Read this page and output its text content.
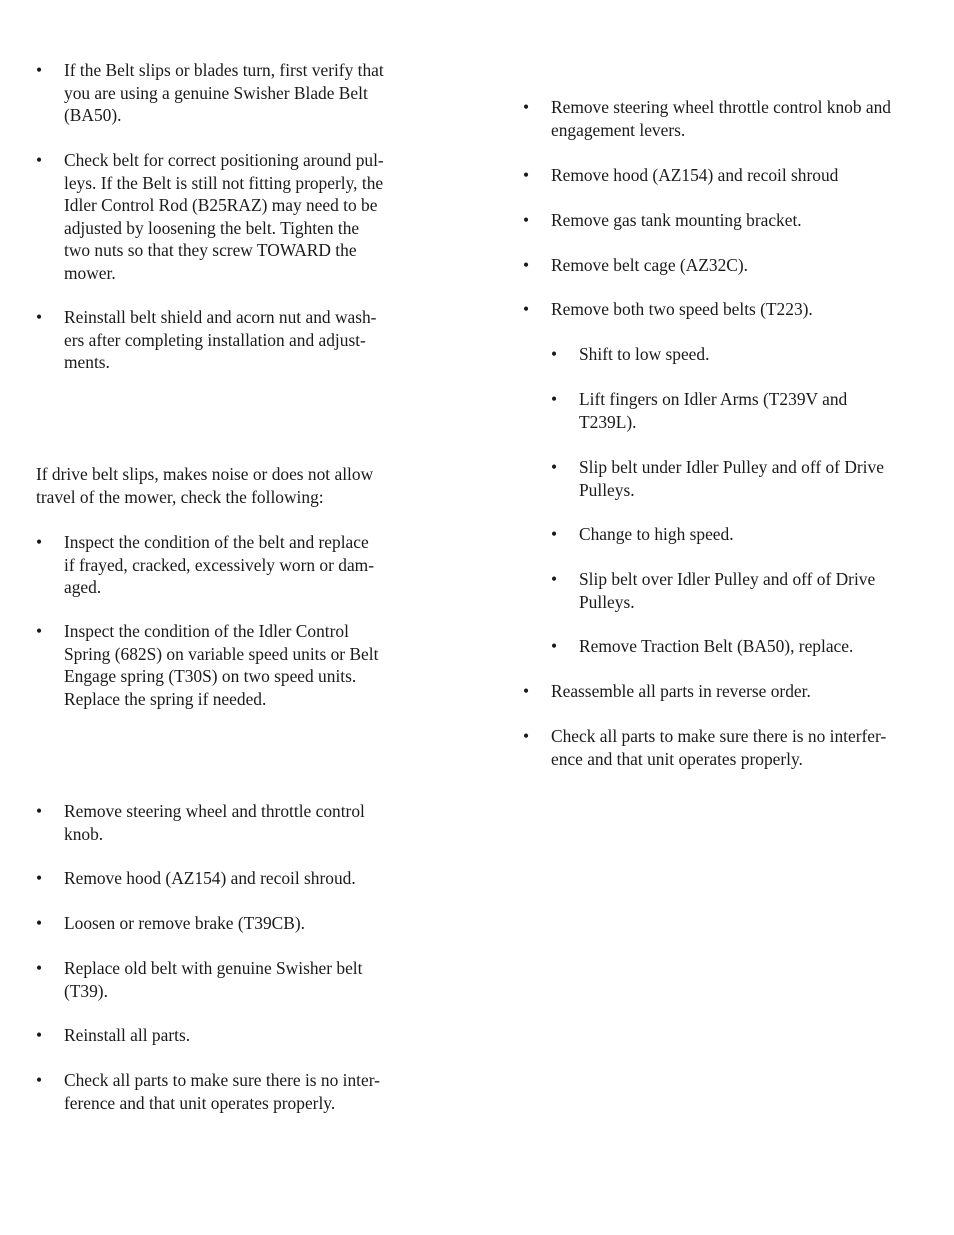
• If the Belt slips or blades turn, first verify that
you are using a genuine Swisher Blade Belt
(BA50).
• Check belt for correct positioning around pul-
leys. If the Belt is still not fitting properly, the
Idler Control Rod (B25RAZ) may need to be
adjusted by loosening the belt. Tighten the
two nuts so that they screw TOWARD the
mower.
• Reinstall belt shield and acorn nut and wash-
ers after completing installation and adjust-
ments.
If drive belt slips, makes noise or does not allow
travel of the mower, check the following:
• Inspect the condition of the belt and replace
if frayed, cracked, excessively worn or dam-
aged.
• Inspect the condition of the Idler Control
Spring (682S) on variable speed units or Belt
Engage spring (T30S) on two speed units.
Replace the spring if needed.
• Remove steering wheel and throttle control
knob.
• Remove hood (AZ154) and recoil shroud.
• Loosen or remove brake (T39CB).
• Replace old belt with genuine Swisher belt
(T39).
• Reinstall all parts.
• Check all parts to make sure there is no inter-
ference and that unit operates properly.
• Remove steering wheel throttle control knob and
engagement levers.
• Remove hood (AZ154) and recoil shroud
• Remove gas tank mounting bracket.
• Remove belt cage (AZ32C).
• Remove both two speed belts (T223).
• Shift to low speed.
• Lift fingers on Idler Arms (T239V and
T239L).
• Slip belt under Idler Pulley and off of Drive
Pulleys.
• Change to high speed.
• Slip belt over Idler Pulley and off of Drive
Pulleys.
• Remove Traction Belt (BA50), replace.
• Reassemble all parts in reverse order.
• Check all parts to make sure there is no interfer-
ence and that unit operates properly.
